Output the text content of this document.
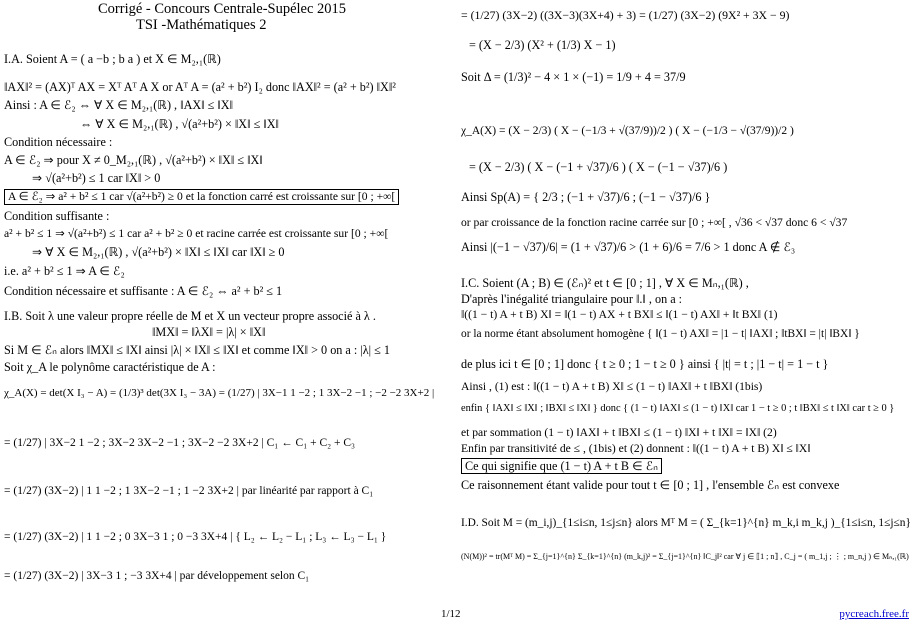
Corrigé - Concours Centrale-Supélec 2015
TSI -Mathématiques 2
I.A. Soient A = ( a −b ; b a ) et X ∈ M₂,₁(ℝ)
‖AX‖² = (AX)ᵀ AX = Xᵀ Aᵀ A X or Aᵀ A = (a² + b²) I₂ donc ‖AX‖² = (a² + b²) ‖X‖²
Ainsi : A ∈ ℰ₂ ⇔ ∀ X ∈ M₂,₁(ℝ) , ‖AX‖ ≤ ‖X‖
⇔ ∀ X ∈ M₂,₁(ℝ) , √(a²+b²) × ‖X‖ ≤ ‖X‖
Condition nécessaire :
A ∈ ℰ₂ ⇒ pour X ≠ 0_M₂,₁(ℝ) , √(a²+b²) × ‖X‖ ≤ ‖X‖
⇒ √(a²+b²) ≤ 1 car ‖X‖ > 0
A ∈ ℰ₂ ⇒ a² + b² ≤ 1 car √(a²+b²) ≥ 0 et la fonction carré est croissante sur [0 ; +∞[
Condition suffisante :
a² + b² ≤ 1 ⇒ √(a²+b²) ≤ 1 car a² + b² ≥ 0 et racine carrée est croissante sur [0 ; +∞[
⇒ ∀ X ∈ M₂,₁(ℝ) , √(a²+b²) × ‖X‖ ≤ ‖X‖ car ‖X‖ ≥ 0
i.e. a² + b² ≤ 1 ⇒ A ∈ ℰ₂
Condition nécessaire et suffisante : A ∈ ℰ₂ ⇔ a² + b² ≤ 1
I.B. Soit λ une valeur propre réelle de M et X un vecteur propre associé à λ .
‖MX‖ = ‖λX‖ = |λ| × ‖X‖
Si M ∈ ℰₙ alors ‖MX‖ ≤ ‖X‖ ainsi |λ| × ‖X‖ ≤ ‖X‖ et comme ‖X‖ > 0 on a : |λ| ≤ 1
Soit χ_A le polynôme caractéristique de A :
χ_A(X) = det(X I₃ − A) = (1/3)³ det(3X I₃ − 3A) = (1/27) | 3X−1 1 −2 ; 1 3X−2 −1 ; −2 −2 3X+2 |
= (1/27) | 3X−2 1 −2 ; 3X−2 3X−2 −1 ; 3X−2 −2 3X+2 | C₁ ← C₁ + C₂ + C₃
= (1/27) (3X−2) | 1 1 −2 ; 1 3X−2 −1 ; 1 −2 3X+2 | par linéarité par rapport à C₁
= (1/27) (3X−2) | 1 1 −2 ; 0 3X−3 1 ; 0 −3 3X+4 | { L₂ ← L₂ − L₁ ; L₃ ← L₃ − L₁ }
= (1/27) (3X−2) | 3X−3 1 ; −3 3X+4 | par développement selon C₁
= (1/27) (3X−2) ((3X−3)(3X+4) + 3) = (1/27) (3X−2) (9X² + 3X − 9)
= (X − 2/3) (X² + (1/3) X − 1)
Soit Δ = (1/3)² − 4 × 1 × (−1) = 1/9 + 4 = 37/9
χ_A(X) = (X − 2/3) ( X − (−1/3 + √(37/9))/2 ) ( X − (−1/3 − √(37/9))/2 )
= (X − 2/3) ( X − (−1 + √37)/6 ) ( X − (−1 − √37)/6 )
Ainsi Sp(A) = { 2/3 ; (−1 + √37)/6 ; (−1 − √37)/6 }
or par croissance de la fonction racine carrée sur [0 ; +∞[ , √36 < √37 donc 6 < √37
Ainsi |(−1 − √37)/6| = (1 + √37)/6 > (1 + 6)/6 = 7/6 > 1 donc A ∉ ℰ₃
I.C. Soient (A ; B) ∈ (ℰₙ)² et t ∈ [0 ; 1] , ∀ X ∈ Mₙ,₁(ℝ) ,
D'après l'inégalité triangulaire pour ‖.‖ , on a :
‖((1 − t) A + t B) X‖ = ‖(1 − t) AX + t BX‖ ≤ ‖(1 − t) AX‖ + ‖t BX‖ (1)
or la norme étant absolument homogène { ‖(1 − t) AX‖ = |1 − t| ‖AX‖ ; ‖tBX‖ = |t| ‖BX‖ }
de plus ici t ∈ [0 ; 1] donc { t ≥ 0 ; 1 − t ≥ 0 } ainsi { |t| = t ; |1 − t| = 1 − t }
Ainsi , (1) est : ‖((1 − t) A + t B) X‖ ≤ (1 − t) ‖AX‖ + t ‖BX‖ (1bis)
enfin { ‖AX‖ ≤ ‖X‖ ; ‖BX‖ ≤ ‖X‖ } donc { (1 − t) ‖AX‖ ≤ (1 − t) ‖X‖ car 1 − t ≥ 0 ; t ‖BX‖ ≤ t ‖X‖ car t ≥ 0 }
et par sommation (1 − t) ‖AX‖ + t ‖BX‖ ≤ (1 − t) ‖X‖ + t ‖X‖ = ‖X‖ (2)
Enfin par transitivité de ≤ , (1bis) et (2) donnent : ‖((1 − t) A + t B) X‖ ≤ ‖X‖
Ce qui signifie que (1 − t) A + t B ∈ ℰₙ
Ce raisonnement étant valide pour tout t ∈ [0 ; 1] , l'ensemble ℰₙ est convexe
I.D. Soit M = (m_i,j)_{1≤i≤n, 1≤j≤n} alors Mᵀ M = ( Σ_{k=1}^{n} m_k,i m_k,j )_{1≤i≤n, 1≤j≤n}
(N(M))² = tr(Mᵀ M) = Σ_{j=1}^{n} Σ_{k=1}^{n} (m_k,j)² = Σ_{j=1}^{n} ‖C_j‖² car ∀ j ∈ ⟦1 ; n⟧ , C_j = ( m_1,j ; ⋮ ; m_n,j ) ∈ Mₙ,₁(ℝ)
1/12	pycreach.free.fr
